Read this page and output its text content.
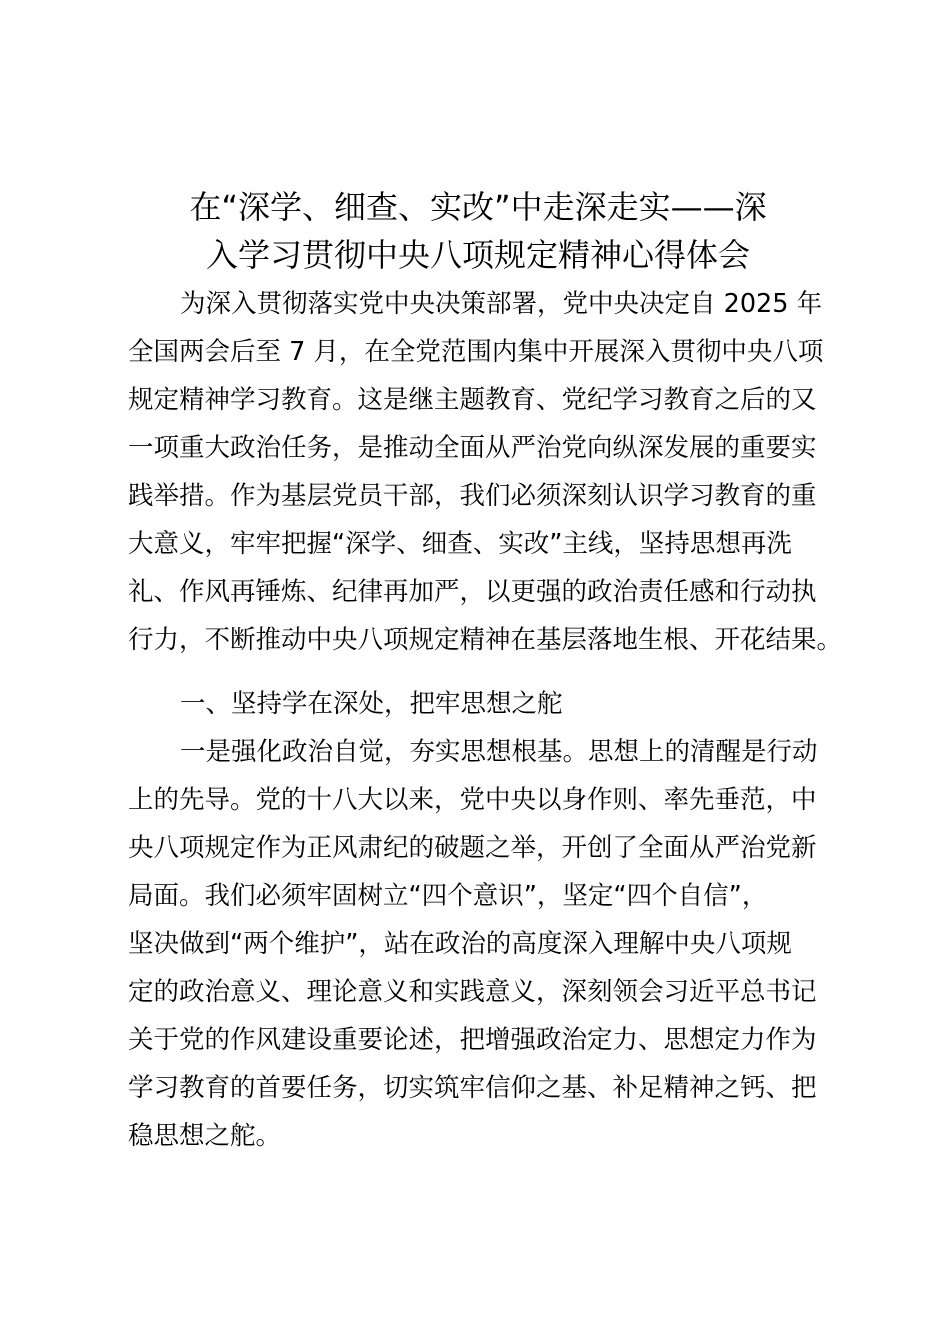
在“深学、细查、实改”中走深走实——深
入学习贯彻中央八项规定精神心得体会
为深入贯彻落实党中央决策部署，党中央决定自 2025 年
全国两会后至 7 月，在全党范围内集中开展深入贯彻中央八项
规定精神学习教育。这是继主题教育、党纪学习教育之后的又
一项重大政治任务，是推动全面从严治党向纵深发展的重要实
践举措。作为基层党员干部，我们必须深刻认识学习教育的重
大意义，牢牢把握“深学、细查、实改”主线，坚持思想再洗
礼、作风再锤炼、纪律再加严，以更强的政治责任感和行动执
行力，不断推动中央八项规定精神在基层落地生根、开花结果。
一、坚持学在深处，把牢思想之舵
一是强化政治自觉，夯实思想根基。思想上的清醒是行动
上的先导。党的十八大以来，党中央以身作则、率先垂范，中
央八项规定作为正风肃纪的破题之举，开创了全面从严治党新
局面。我们必须牢固树立“四个意识”，坚定“四个自信”，
坚决做到“两个维护”，站在政治的高度深入理解中央八项规
定的政治意义、理论意义和实践意义，深刻领会习近平总书记
关于党的作风建设重要论述，把增强政治定力、思想定力作为
学习教育的首要任务，切实筑牢信仰之基、补足精神之钙、把
稳思想之舵。
